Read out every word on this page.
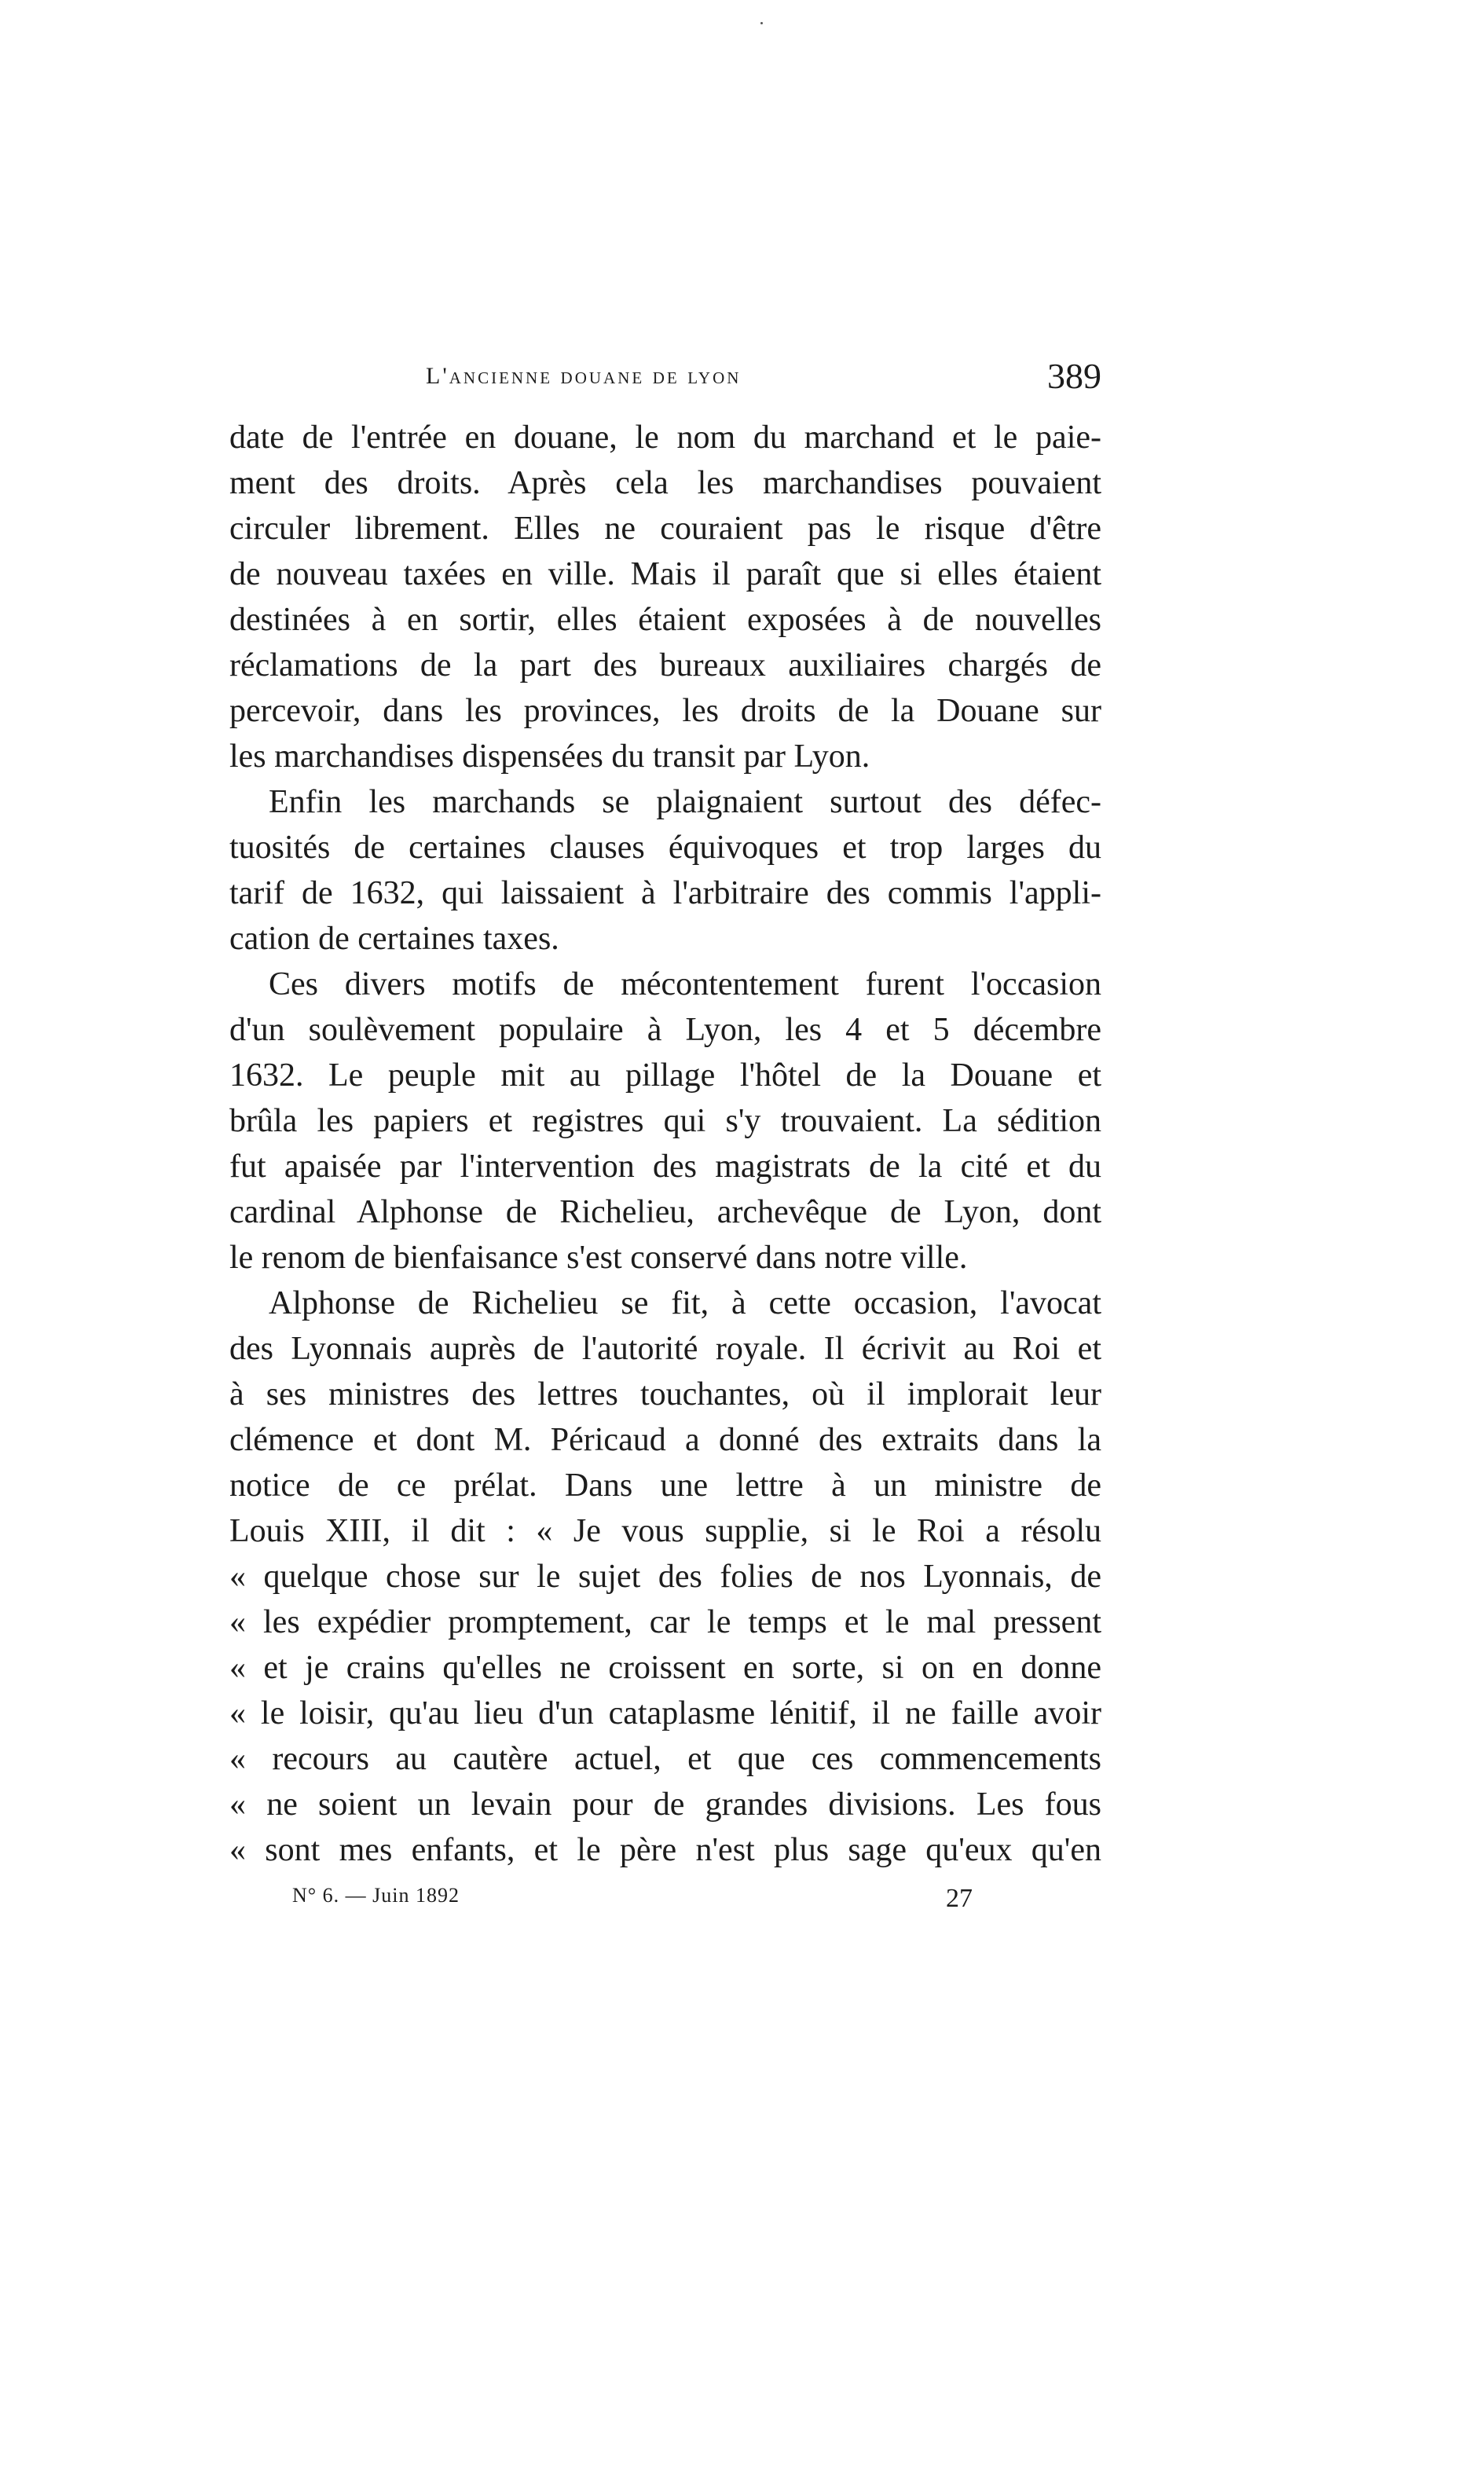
L'ancienne douane de lyon	389
date de l'entrée en douane, le nom du marchand et le paie-
ment des droits. Après cela les marchandises pouvaient
circuler librement. Elles ne couraient pas le risque d'être
de nouveau taxées en ville. Mais il paraît que si elles étaient
destinées à en sortir, elles étaient exposées à de nouvelles
réclamations de la part des bureaux auxiliaires chargés de
percevoir, dans les provinces, les droits de la Douane sur
les marchandises dispensées du transit par Lyon.
Enfin les marchands se plaignaient surtout des défec-
tuosités de certaines clauses équivoques et trop larges du
tarif de 1632, qui laissaient à l'arbitraire des commis l'appli-
cation de certaines taxes.
Ces divers motifs de mécontentement furent l'occasion
d'un soulèvement populaire à Lyon, les 4 et 5 décembre
1632. Le peuple mit au pillage l'hôtel de la Douane et
brûla les papiers et registres qui s'y trouvaient. La sédition
fut apaisée par l'intervention des magistrats de la cité et du
cardinal Alphonse de Richelieu, archevêque de Lyon, dont
le renom de bienfaisance s'est conservé dans notre ville.
Alphonse de Richelieu se fit, à cette occasion, l'avocat
des Lyonnais auprès de l'autorité royale. Il écrivit au Roi et
à ses ministres des lettres touchantes, où il implorait leur
clémence et dont M. Péricaud a donné des extraits dans la
notice de ce prélat. Dans une lettre à un ministre de
Louis XIII, il dit : « Je vous supplie, si le Roi a résolu
« quelque chose sur le sujet des folies de nos Lyonnais, de
« les expédier promptement, car le temps et le mal pressent
« et je crains qu'elles ne croissent en sorte, si on en donne
« le loisir, qu'au lieu d'un cataplasme lénitif, il ne faille avoir
« recours au cautère actuel, et que ces commencements
« ne soient un levain pour de grandes divisions. Les fous
« sont mes enfants, et le père n'est plus sage qu'eux qu'en
N° 6. — Juin 1892	27
